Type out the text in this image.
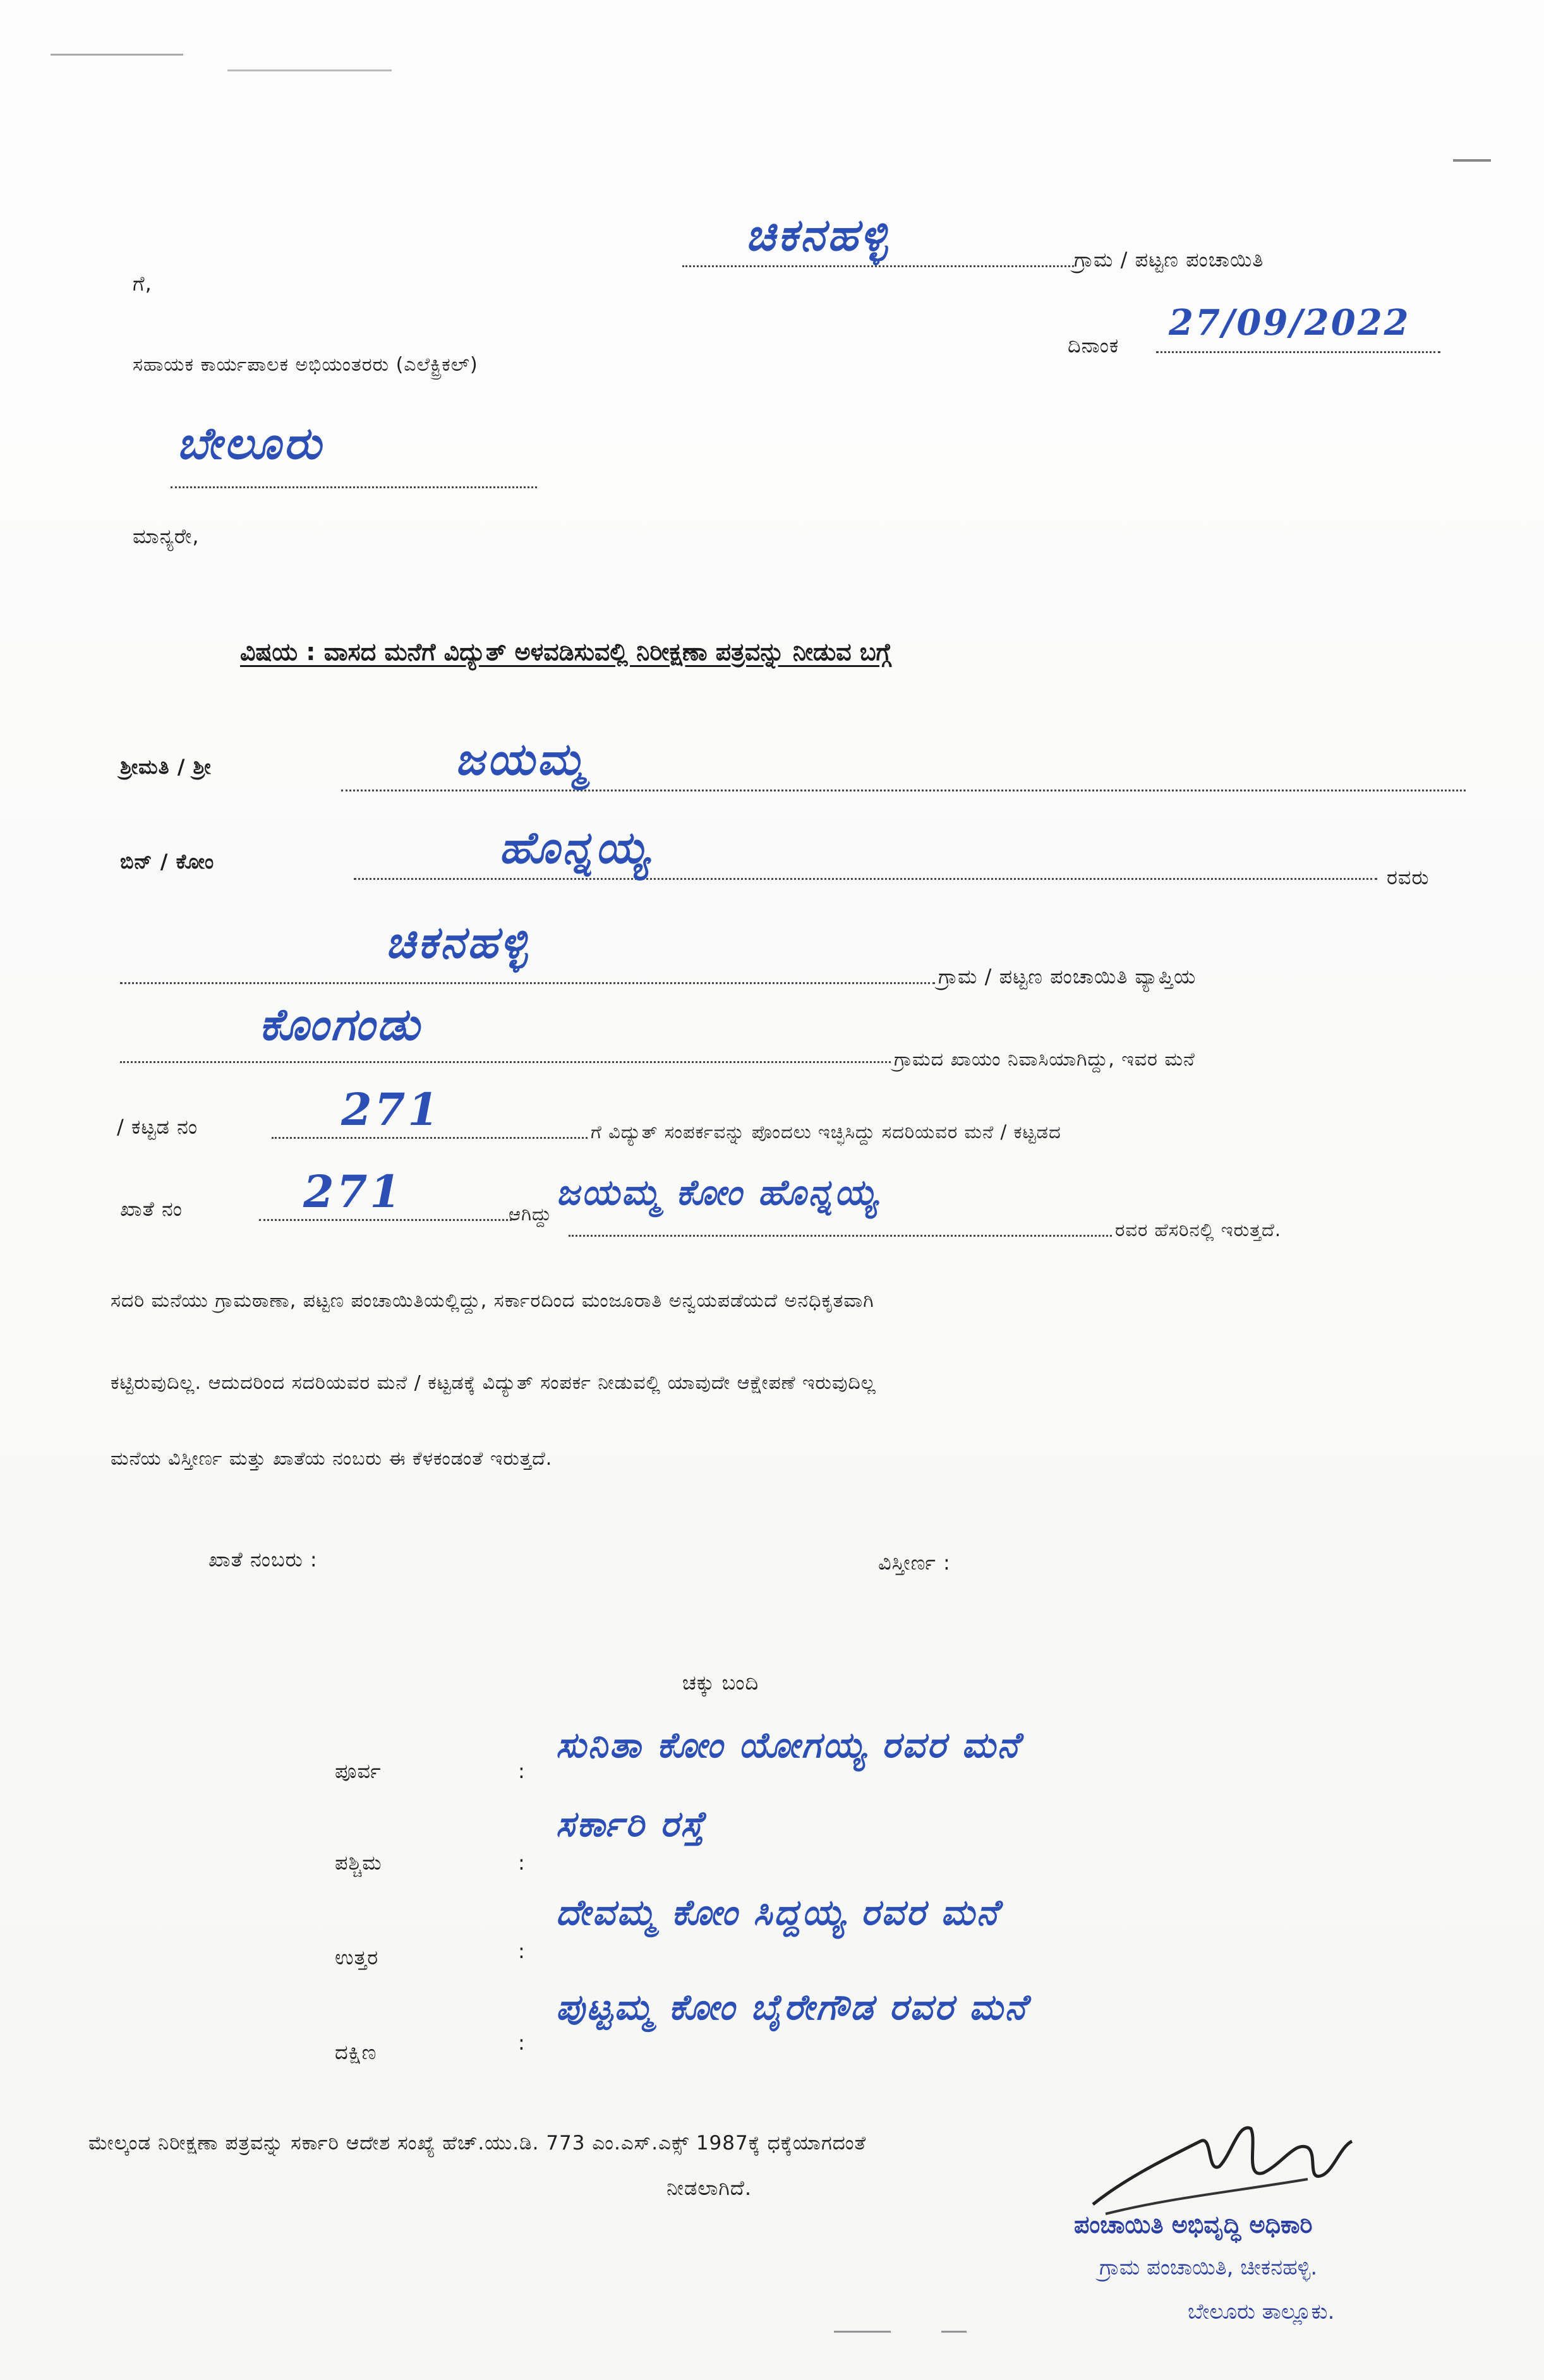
ಚಿಕನಹಳ್ಳಿ	ಗ್ರಾಮ / ಪಟ್ಟಣ ಪಂಚಾಯಿತಿ
ದಿನಾಂಕ
27/09/2022
ಗೆ,
ಸಹಾಯಕ ಕಾರ್ಯಪಾಲಕ ಅಭಿಯಂತರರು (ಎಲೆಕ್ಟ್ರಿಕಲ್)
ಬೇಲೂರು
ಮಾನ್ಯರೇ,
ವಿಷಯ : ವಾಸದ ಮನೆಗೆ ವಿದ್ಯುತ್ ಅಳವಡಿಸುವಲ್ಲಿ ನಿರೀಕ್ಷಣಾ ಪತ್ರವನ್ನು ನೀಡುವ ಬಗ್ಗೆ
ಶ್ರೀಮತಿ / ಶ್ರೀ	ಜಯಮ್ಮ
ಬಿನ್ / ಕೋಂ	ಹೊನ್ನಯ್ಯ
ರವರು
ಚಿಕನಹಳ್ಳಿ
ಗ್ರಾಮ / ಪಟ್ಟಣ ಪಂಚಾಯಿತಿ ವ್ಯಾಪ್ತಿಯ
ಕೊಂಗಂಡು
ಗ್ರಾಮದ ಖಾಯಂ ನಿವಾಸಿಯಾಗಿದ್ದು, ಇವರ ಮನೆ
/ ಕಟ್ಟಡ ನಂ	271	ಗೆ ವಿದ್ಯುತ್ ಸಂಪರ್ಕವನ್ನು ಪೊಂದಲು ಇಚ್ಛಿಸಿದ್ದು ಸದರಿಯವರ ಮನೆ / ಕಟ್ಟಡದ
ಖಾತೆ ನಂ	271	ಆಗಿದ್ದು
ಜಯಮ್ಮ ಕೋಂ ಹೊನ್ನಯ್ಯ
ರವರ ಹೆಸರಿನಲ್ಲಿ ಇರುತ್ತದೆ.
ಸದರಿ ಮನೆಯು ಗ್ರಾಮಠಾಣಾ, ಪಟ್ಟಣ ಪಂಚಾಯಿತಿಯಲ್ಲಿದ್ದು, ಸರ್ಕಾರದಿಂದ ಮಂಜೂರಾತಿ ಅನ್ವಯಪಡೆಯದೆ ಅನಧಿಕೃತವಾಗಿ
ಕಟ್ಟಿರುವುದಿಲ್ಲ. ಆದುದರಿಂದ ಸದರಿಯವರ ಮನೆ / ಕಟ್ಟಡಕ್ಕೆ ವಿದ್ಯುತ್ ಸಂಪರ್ಕ ನೀಡುವಲ್ಲಿ ಯಾವುದೇ ಆಕ್ಷೇಪಣೆ ಇರುವುದಿಲ್ಲ
ಮನೆಯ ವಿಸ್ತೀರ್ಣ ಮತ್ತು ಖಾತೆಯ ನಂಬರು ಈ ಕೆಳಕಂಡಂತೆ ಇರುತ್ತದೆ.
ಖಾತೆ ನಂಬರು :	ವಿಸ್ತೀರ್ಣ :
ಚಕ್ಕು ಬಂದಿ
ಪೂರ್ವ	:
ಸುನಿತಾ ಕೋಂ ಯೋಗಯ್ಯ ರವರ ಮನೆ
ಪಶ್ಚಿಮ	:
ಸರ್ಕಾರಿ ರಸ್ತೆ
ಉತ್ತರ	:
ದೇವಮ್ಮ ಕೋಂ ಸಿದ್ದಯ್ಯ ರವರ ಮನೆ
ದಕ್ಷಿಣ	:
ಪುಟ್ಟಮ್ಮ ಕೋಂ ಬೈರೇಗೌಡ ರವರ ಮನೆ
ಮೇಲ್ಕಂಡ ನಿರೀಕ್ಷಣಾ ಪತ್ರವನ್ನು ಸರ್ಕಾರಿ ಆದೇಶ ಸಂಖ್ಯೆ ಹೆಚ್.ಯು.ಡಿ. 773 ಎಂ.ಎಸ್.ಎಕ್ಸ್ 1987ಕ್ಕೆ ಧಕ್ಕೆಯಾಗದಂತೆ
ನೀಡಲಾಗಿದೆ.
ಪಂಚಾಯಿತಿ ಅಭಿವೃದ್ಧಿ ಅಧಿಕಾರಿ
ಗ್ರಾಮ ಪಂಚಾಯಿತಿ, ಚೀಕನಹಳ್ಳಿ.
ಬೇಲೂರು ತಾಲ್ಲೂಕು.
